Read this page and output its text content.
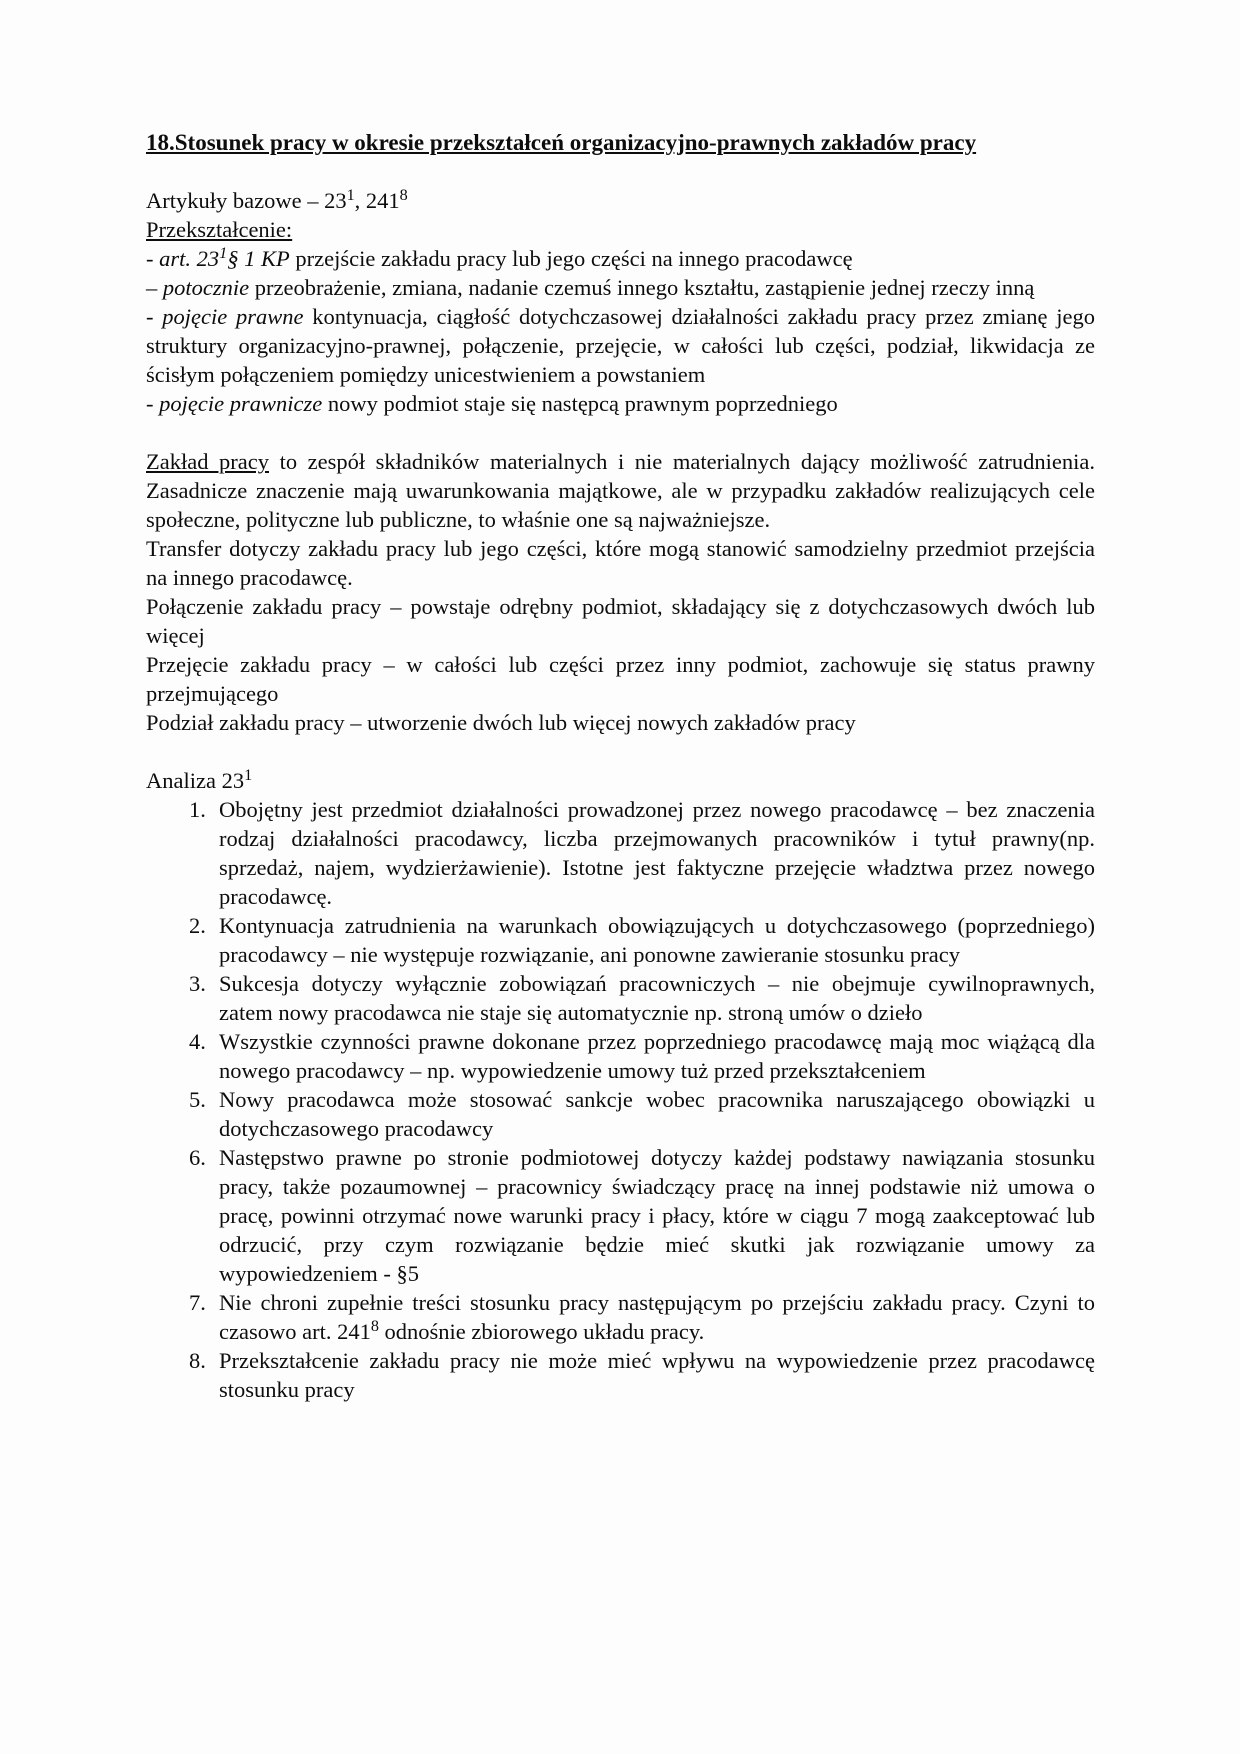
18.Stosunek pracy w okresie przekształceń organizacyjno-prawnych zakładów pracy
Artykuły bazowe – $23^1$, $241^8$
Przekształcenie:
- art. $23^1\S$ 1 KP przejście zakładu pracy lub jego części na innego pracodawcę
– potocznie przeobrażenie, zmiana, nadanie czemuś innego kształtu, zastąpienie jednej rzeczy inną
- pojęcie prawne kontynuacja, ciągłość dotychczasowej działalności zakładu pracy przez zmianę jego struktury organizacyjno-prawnej, połączenie, przejęcie, w całości lub części, podział, likwidacja ze ścisłym połączeniem pomiędzy unicestwieniem a powstaniem
- pojęcie prawnicze nowy podmiot staje się następcą prawnym poprzedniego
Zakład pracy to zespół składników materialnych i nie materialnych dający możliwość zatrudnienia. Zasadnicze znaczenie mają uwarunkowania majątkowe, ale w przypadku zakładów realizujących cele społeczne, polityczne lub publiczne, to właśnie one są najważniejsze.
Transfer dotyczy zakładu pracy lub jego części, które mogą stanowić samodzielny przedmiot przejścia na innego pracodawcę.
Połączenie zakładu pracy – powstaje odrębny podmiot, składający się z dotychczasowych dwóch lub więcej
Przejęcie zakładu pracy – w całości lub części przez inny podmiot, zachowuje się status prawny przejmującego
Podział zakładu pracy – utworzenie dwóch lub więcej nowych zakładów pracy
Analiza $23^1$
1. Obojętny jest przedmiot działalności prowadzonej przez nowego pracodawcę – bez znaczenia rodzaj działalności pracodawcy, liczba przejmowanych pracowników i tytuł prawny(np. sprzedaż, najem, wydzierżawienie). Istotne jest faktyczne przejęcie władztwa przez nowego pracodawcę.
2. Kontynuacja zatrudnienia na warunkach obowiązujących u dotychczasowego (poprzedniego) pracodawcy – nie występuje rozwiązanie, ani ponowne zawieranie stosunku pracy
3. Sukcesja dotyczy wyłącznie zobowiązań pracowniczych – nie obejmuje cywilnoprawnych, zatem nowy pracodawca nie staje się automatycznie np. stroną umów o dzieło
4. Wszystkie czynności prawne dokonane przez poprzedniego pracodawcę mają moc wiążącą dla nowego pracodawcy – np. wypowiedzenie umowy tuż przed przekształceniem
5. Nowy pracodawca może stosować sankcje wobec pracownika naruszającego obowiązki u dotychczasowego pracodawcy
6. Następstwo prawne po stronie podmiotowej dotyczy każdej podstawy nawiązania stosunku pracy, także pozaumownej – pracownicy świadczący pracę na innej podstawie niż umowa o pracę, powinni otrzymać nowe warunki pracy i płacy, które w ciągu 7 mogą zaakceptować lub odrzucić, przy czym rozwiązanie będzie mieć skutki jak rozwiązanie umowy za wypowiedzeniem - §5
7. Nie chroni zupełnie treści stosunku pracy następującym po przejściu zakładu pracy. Czyni to czasowo art. $241^8$ odnośnie zbiorowego układu pracy.
8. Przekształcenie zakładu pracy nie może mieć wpływu na wypowiedzenie przez pracodawcę stosunku pracy
